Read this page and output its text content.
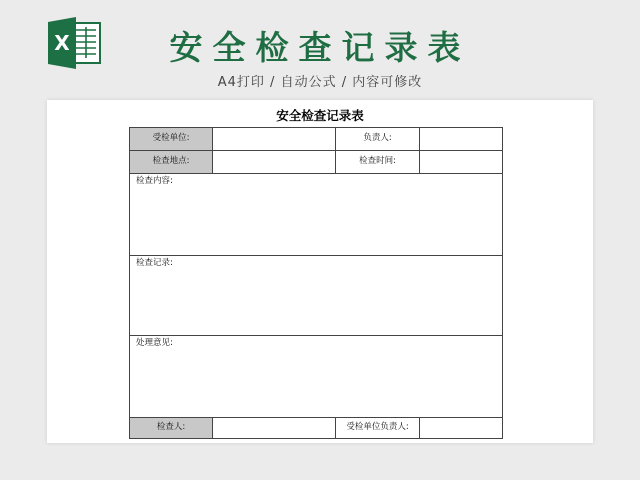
X	安全检查记录表
A4打印 / 自动公式 / 内容可修改
安全检查记录表
受检单位:		负责人:	
检查地点:		检查时间:	
检查内容:			
检查记录:			
处理意见:			
检查人:		受检单位负责人:	
